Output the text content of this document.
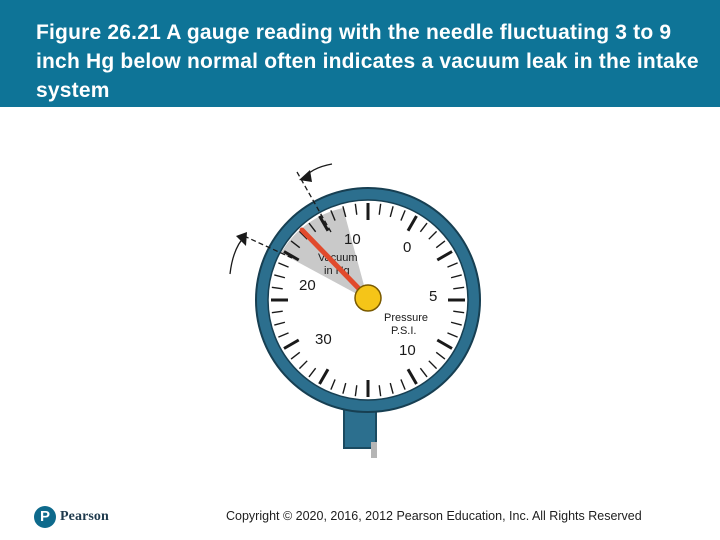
Figure 26.21 A gauge reading with the needle fluctuating 3 to 9 inch Hg below normal often indicates a vacuum leak in the intake system
10
Vacuum
in Hg
20
30
0
5
Pressure
P.S.I.
10
P Pearson	Copyright © 2020, 2016, 2012 Pearson Education, Inc. All Rights Reserved
